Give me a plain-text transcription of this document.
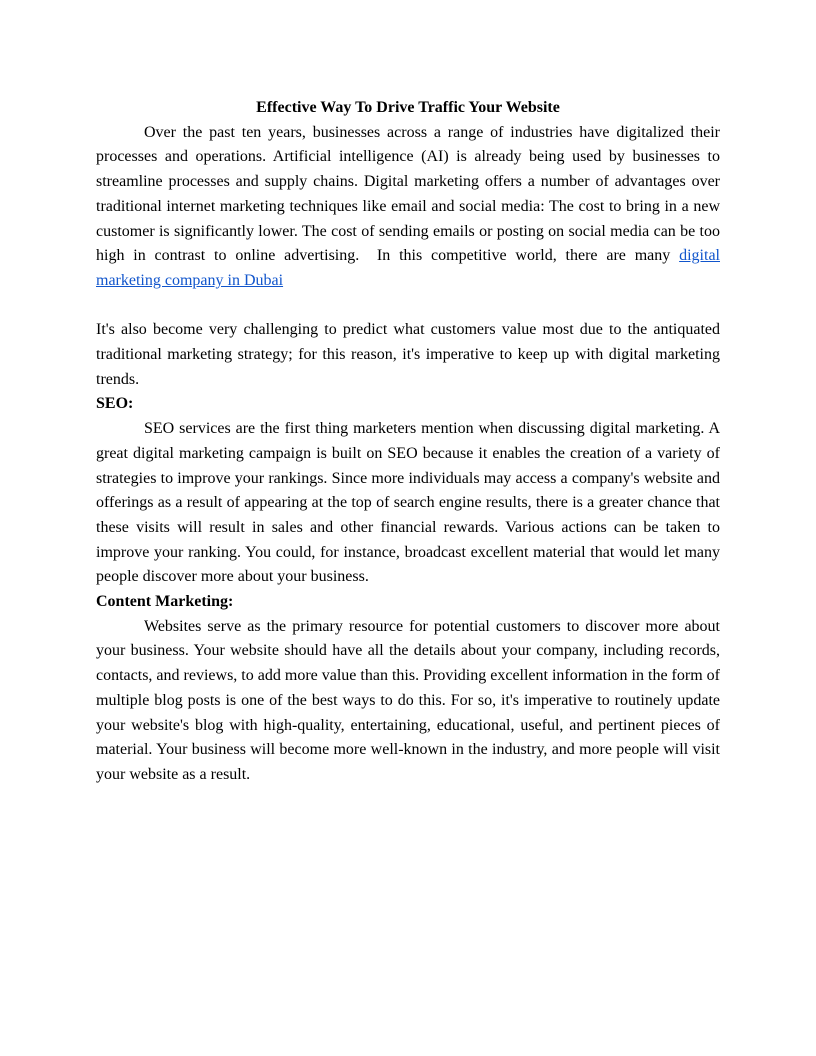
Effective Way To Drive Traffic Your Website

Over the past ten years, businesses across a range of industries have digitalized their processes and operations. Artificial intelligence (AI) is already being used by businesses to streamline processes and supply chains. Digital marketing offers a number of advantages over traditional internet marketing techniques like email and social media: The cost to bring in a new customer is significantly lower. The cost of sending emails or posting on social media can be too high in contrast to online advertising.  In this competitive world, there are many digital marketing company in Dubai

It's also become very challenging to predict what customers value most due to the antiquated traditional marketing strategy; for this reason, it's imperative to keep up with digital marketing trends.

SEO:

SEO services are the first thing marketers mention when discussing digital marketing. A great digital marketing campaign is built on SEO because it enables the creation of a variety of strategies to improve your rankings. Since more individuals may access a company's website and offerings as a result of appearing at the top of search engine results, there is a greater chance that these visits will result in sales and other financial rewards. Various actions can be taken to improve your ranking. You could, for instance, broadcast excellent material that would let many people discover more about your business.

Content Marketing:

Websites serve as the primary resource for potential customers to discover more about your business. Your website should have all the details about your company, including records, contacts, and reviews, to add more value than this. Providing excellent information in the form of multiple blog posts is one of the best ways to do this. For so, it's imperative to routinely update your website's blog with high-quality, entertaining, educational, useful, and pertinent pieces of material. Your business will become more well-known in the industry, and more people will visit your website as a result.
